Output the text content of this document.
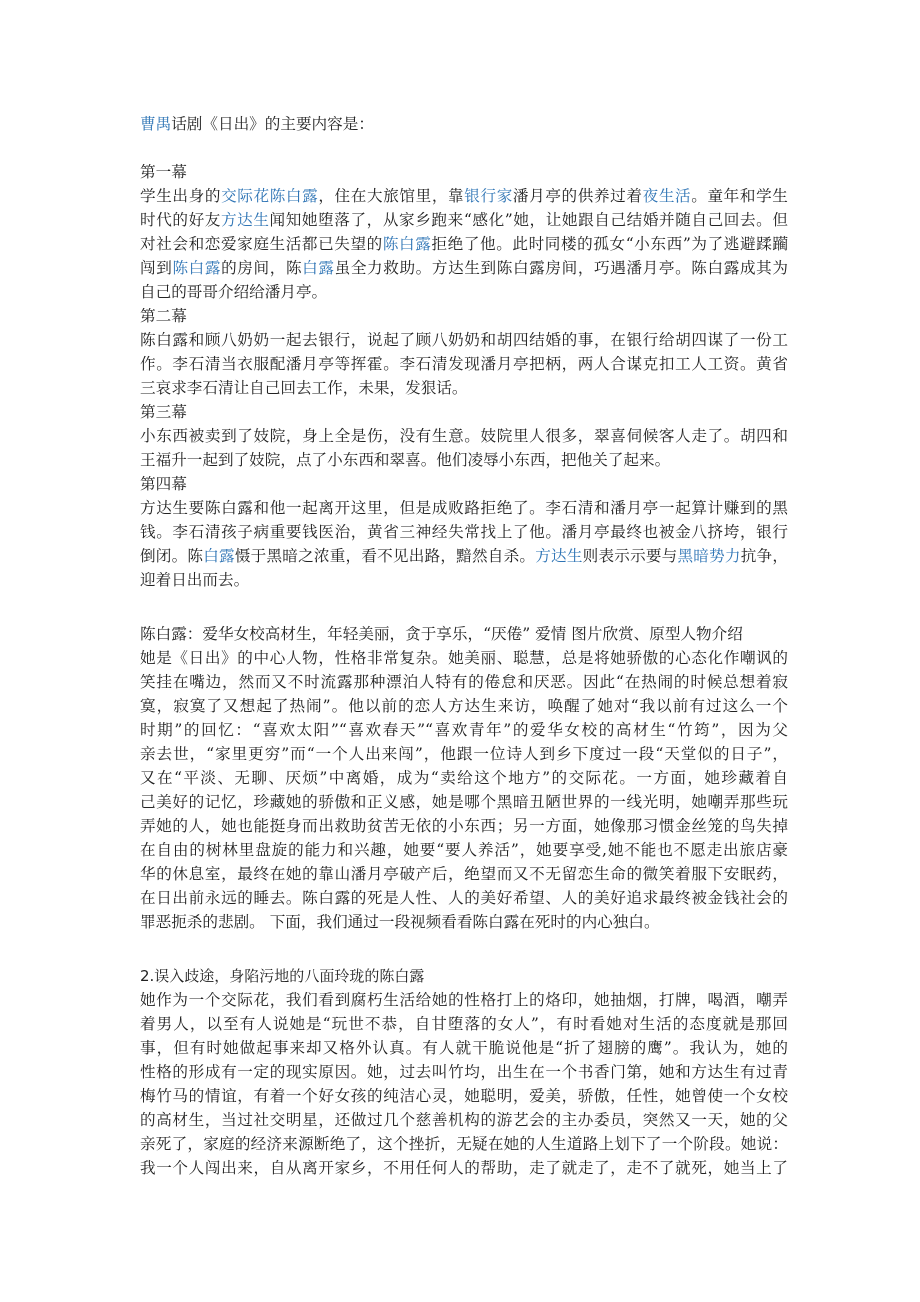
曹禺话剧《日出》的主要内容是：
第一幕
学生出身的交际花陈白露，住在大旅馆里，靠银行家潘月亭的供养过着夜生活。童年和学生
时代的好友方达生闻知她堕落了，从家乡跑来“感化”她，让她跟自己结婚并随自己回去。但
对社会和恋爱家庭生活都已失望的陈白露拒绝了他。此时同楼的孤女“小东西”为了逃避蹂躏
闯到陈白露的房间，陈白露虽全力救助。方达生到陈白露房间，巧遇潘月亭。陈白露成其为
自己的哥哥介绍给潘月亭。
第二幕
陈白露和顾八奶奶一起去银行，说起了顾八奶奶和胡四结婚的事，在银行给胡四谋了一份工
作。李石清当衣服配潘月亭等挥霍。李石清发现潘月亭把柄，两人合谋克扣工人工资。黄省
三哀求李石清让自己回去工作，未果，发狠话。
第三幕
小东西被卖到了妓院，身上全是伤，没有生意。妓院里人很多，翠喜伺候客人走了。胡四和
王福升一起到了妓院，点了小东西和翠喜。他们凌辱小东西，把他关了起来。
第四幕
方达生要陈白露和他一起离开这里，但是成败路拒绝了。李石清和潘月亭一起算计赚到的黑
钱。李石清孩子病重要钱医治，黄省三神经失常找上了他。潘月亭最终也被金八挤垮，银行
倒闭。陈白露慑于黑暗之浓重，看不见出路，黯然自杀。方达生则表示示要与黑暗势力抗争，
迎着日出而去。
陈白露：爱华女校高材生，年轻美丽，贪于享乐，“厌倦” 爱情 图片欣赏、原型人物介绍
她是《日出》的中心人物，性格非常复杂。她美丽、聪慧，总是将她骄傲的心态化作嘲讽的
笑挂在嘴边，然而又不时流露那种漂泊人特有的倦怠和厌恶。因此“在热闹的时候总想着寂
寞，寂寞了又想起了热闹”。他以前的恋人方达生来访，唤醒了她对“我以前有过这么一个
时期”的回忆：“喜欢太阳”“喜欢春天”“喜欢青年”的爱华女校的高材生“竹筠”，因为父
亲去世，“家里更穷”而“一个人出来闯”，他跟一位诗人到乡下度过一段“天堂似的日子”，
又在“平淡、无聊、厌烦”中离婚，成为“卖给这个地方”的交际花。一方面，她珍藏着自
己美好的记忆，珍藏她的骄傲和正义感，她是哪个黑暗丑陋世界的一线光明，她嘲弄那些玩
弄她的人，她也能挺身而出救助贫苦无依的小东西；另一方面，她像那习惯金丝笼的鸟失掉
在自由的树林里盘旋的能力和兴趣，她要“要人养活”，她要享受,她不能也不愿走出旅店豪
华的休息室，最终在她的靠山潘月亭破产后，绝望而又不无留恋生命的微笑着服下安眠药，
在日出前永远的睡去。陈白露的死是人性、人的美好希望、人的美好追求最终被金钱社会的
罪恶扼杀的悲剧。 下面，我们通过一段视频看看陈白露在死时的内心独白。
2.误入歧途，身陷污地的八面玲珑的陈白露
她作为一个交际花，我们看到腐朽生活给她的性格打上的烙印，她抽烟，打牌，喝酒，嘲弄
着男人，以至有人说她是“玩世不恭，自甘堕落的女人”，有时看她对生活的态度就是那回
事，但有时她做起事来却又格外认真。有人就干脆说他是“折了翅膀的鹰”。我认为，她的
性格的形成有一定的现实原因。她，过去叫竹均，出生在一个书香门第，她和方达生有过青
梅竹马的情谊，有着一个好女孩的纯洁心灵，她聪明，爱美，骄傲，任性，她曾使一个女校
的高材生，当过社交明星，还做过几个慈善机构的游艺会的主办委员，突然又一天，她的父
亲死了，家庭的经济来源断绝了，这个挫折，无疑在她的人生道路上划下了一个阶段。她说：
我一个人闯出来，自从离开家乡，不用任何人的帮助，走了就走了，走不了就死，她当上了
